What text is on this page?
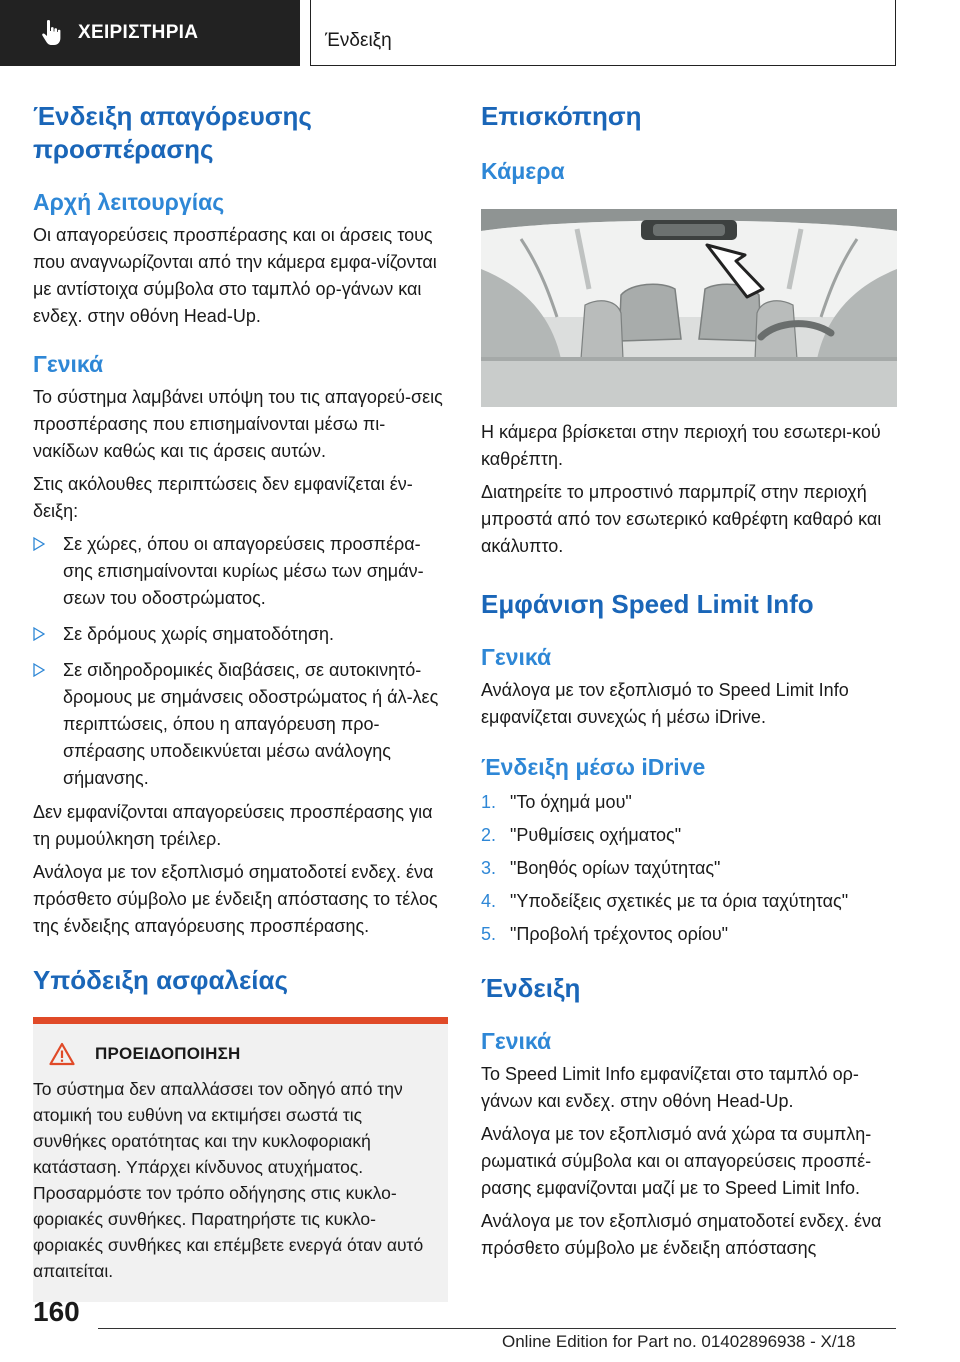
ΧΕΙΡΙΣΤΗΡΙΑ	Ένδειξη
Ένδειξη απαγόρευσης προσπέρασης
Αρχή λειτουργίας

Οι απαγορεύσεις προσπέρασης και οι άρσεις τους που αναγνωρίζονται από την κάμερα εμφα-νίζονται με αντίστοιχα σύμβολα στο ταμπλό ορ-γάνων και ενδεχ. στην οθόνη Head-Up.

Γενικά

Το σύστημα λαμβάνει υπόψη του τις απαγορεύ-σεις προσπέρασης που επισημαίνονται μέσω πι-νακίδων καθώς και τις άρσεις αυτών.

Στις ακόλουθες περιπτώσεις δεν εμφανίζεται έν-δειξη:

Σε χώρες, όπου οι απαγορεύσεις προσπέρα-σης επισημαίνονται κυρίως μέσω των σημάν-σεων του οδοστρώματος.
Σε δρόμους χωρίς σηματοδότηση.
Σε σιδηροδρομικές διαβάσεις, σε αυτοκινητό-δρομους με σημάνσεις οδοστρώματος ή άλ-λες περιπτώσεις, όπου η απαγόρευση προ-σπέρασης υποδεικνύεται μέσω ανάλογης σήμανσης.

Δεν εμφανίζονται απαγορεύσεις προσπέρασης για τη ρυμούλκηση τρέιλερ.

Ανάλογα με τον εξοπλισμό σηματοδοτεί ενδεχ. ένα πρόσθετο σύμβολο με ένδειξη απόστασης το τέλος της ένδειξης απαγόρευσης προσπέρασης.

Υπόδειξη ασφαλείας
ΠΡΟΕΙΔΟΠΟΙΗΣΗ

Το σύστημα δεν απαλλάσσει τον οδηγό από την ατομική του ευθύνη να εκτιμήσει σωστά τις συνθήκες ορατότητας και την κυκλοφοριακή κατάσταση. Υπάρχει κίνδυνος ατυχήματος. Προσαρμόστε τον τρόπο οδήγησης στις κυκλο-φοριακές συνθήκες. Παρατηρήστε τις κυκλο-φοριακές συνθήκες και επέμβετε ενεργά όταν αυτό απαιτείται.

Επισκόπηση
Κάμερα

Η κάμερα βρίσκεται στην περιοχή του εσωτερι-κού καθρέπτη.

Διατηρείτε το μπροστινό παρμπρίζ στην περιοχή μπροστά από τον εσωτερικό καθρέφτη καθαρό και ακάλυπτο.

Εμφάνιση Speed Limit Info
Γενικά

Ανάλογα με τον εξοπλισμό το Speed Limit Info εμφανίζεται συνεχώς ή μέσω iDrive.

Ένδειξη μέσω iDrive
1. "Το όχημά μου"
2. "Ρυθμίσεις οχήματος"
3. "Βοηθός ορίων ταχύτητας"
4. "Υποδείξεις σχετικές με τα όρια ταχύτητας"
5. "Προβολή τρέχοντος ορίου"
Ένδειξη
Γενικά

Το Speed Limit Info εμφανίζεται στο ταμπλό ορ-γάνων και ενδεχ. στην οθόνη Head-Up.

Ανάλογα με τον εξοπλισμό ανά χώρα τα συμπλη-ρωματικά σύμβολα και οι απαγορεύσεις προσπέ-ρασης εμφανίζονται μαζί με το Speed Limit Info.

Ανάλογα με τον εξοπλισμό σηματοδοτεί ενδεχ. ένα πρόσθετο σύμβολο με ένδειξη απόστασης

160
Online Edition for Part no. 01402896938 - X/18
